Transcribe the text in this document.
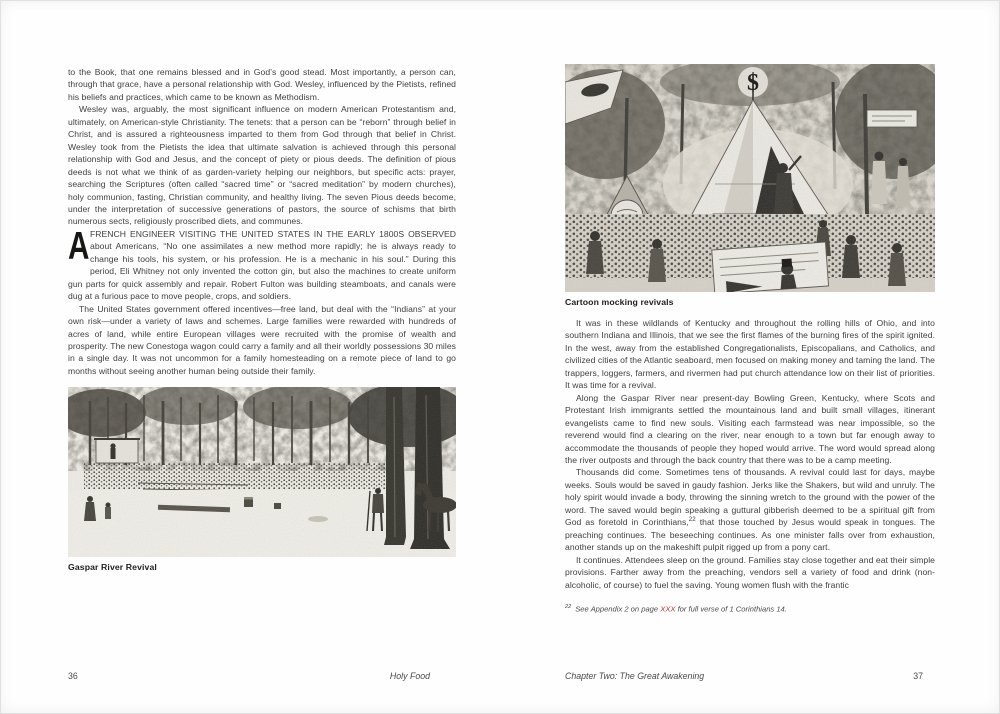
to the Book, that one remains blessed and in God’s good stead. Most importantly, a person can, through that grace, have a personal relationship with God. Wesley, influenced by the Pietists, refined his beliefs and practices, which came to be known as Methodism.

Wesley was, arguably, the most significant influence on modern American Protestantism and, ultimately, on American-style Christianity. The tenets: that a person can be “reborn” through belief in Christ, and is assured a righteousness imparted to them from God through that belief in Christ. Wesley took from the Pietists the idea that ultimate salvation is achieved through this personal relationship with God and Jesus, and the concept of piety or pious deeds. The definition of pious deeds is not what we think of as garden-variety helping our neighbors, but specific acts: prayer, searching the Scriptures (often called “sacred time” or “sacred meditation” by modern churches), holy communion, fasting, Christian community, and healthy living. The seven Pious deeds become, under the interpretation of successive generations of pastors, the source of schisms that birth numerous sects, religiously proscribed diets, and communes.

AFRENCH ENGINEER VISITING THE UNITED STATES IN THE EARLY 1800S OBSERVED about Americans, “No one assimilates a new method more rapidly; he is always ready to change his tools, his system, or his profession. He is a mechanic in his soul.” During this period, Eli Whitney not only invented the cotton gin, but also the machines to create uniform gun parts for quick assembly and repair. Robert Fulton was building steamboats, and canals were dug at a furious pace to move people, crops, and soldiers.

The United States government offered incentives—free land, but deal with the “Indians” at your own risk—under a variety of laws and schemes. Large families were rewarded with hundreds of acres of land, while entire European villages were recruited with the promise of wealth and prosperity. The new Conestoga wagon could carry a family and all their worldly possessions 30 miles in a single day. It was not uncommon for a family homesteading on a remote piece of land to go months without seeing another human being outside their family.

Gaspar River Revival
Cartoon mocking revivals

It was in these wildlands of Kentucky and throughout the rolling hills of Ohio, and into southern Indiana and Illinois, that we see the first flames of the burning fires of the spirit ignited. In the west, away from the established Congregationalists, Episcopalians, and Catholics, and civilized cities of the Atlantic seaboard, men focused on making money and taming the land. The trappers, loggers, farmers, and rivermen had put church attendance low on their list of priorities. It was time for a revival.

Along the Gaspar River near present-day Bowling Green, Kentucky, where Scots and Protestant Irish immigrants settled the mountainous land and built small villages, itinerant evangelists came to find new souls. Visiting each farmstead was near impossible, so the reverend would find a clearing on the river, near enough to a town but far enough away to accommodate the thousands of people they hoped would arrive. The word would spread along the river outposts and through the back country that there was to be a camp meeting.

Thousands did come. Sometimes tens of thousands. A revival could last for days, maybe weeks. Souls would be saved in gaudy fashion. Jerks like the Shakers, but wild and unruly. The holy spirit would invade a body, throwing the sinning wretch to the ground with the power of the word. The saved would begin speaking a guttural gibberish deemed to be a spiritual gift from God as foretold in Corinthians,$^{22}$ that those touched by Jesus would speak in tongues. The preaching continues. The beseeching continues. As one minister falls over from exhaustion, another stands up on the makeshift pulpit rigged up from a pony cart.

It continues. Attendees sleep on the ground. Families stay close together and eat their simple provisions. Farther away from the preaching, vendors sell a variety of food and drink (non-alcoholic, of course) to fuel the saving. Young women flush with the frantic

$^{22}$ See Appendix 2 on page XXX for full verse of 1 Corinthians 14.
36	Holy Food	Chapter Two: The Great Awakening	37
